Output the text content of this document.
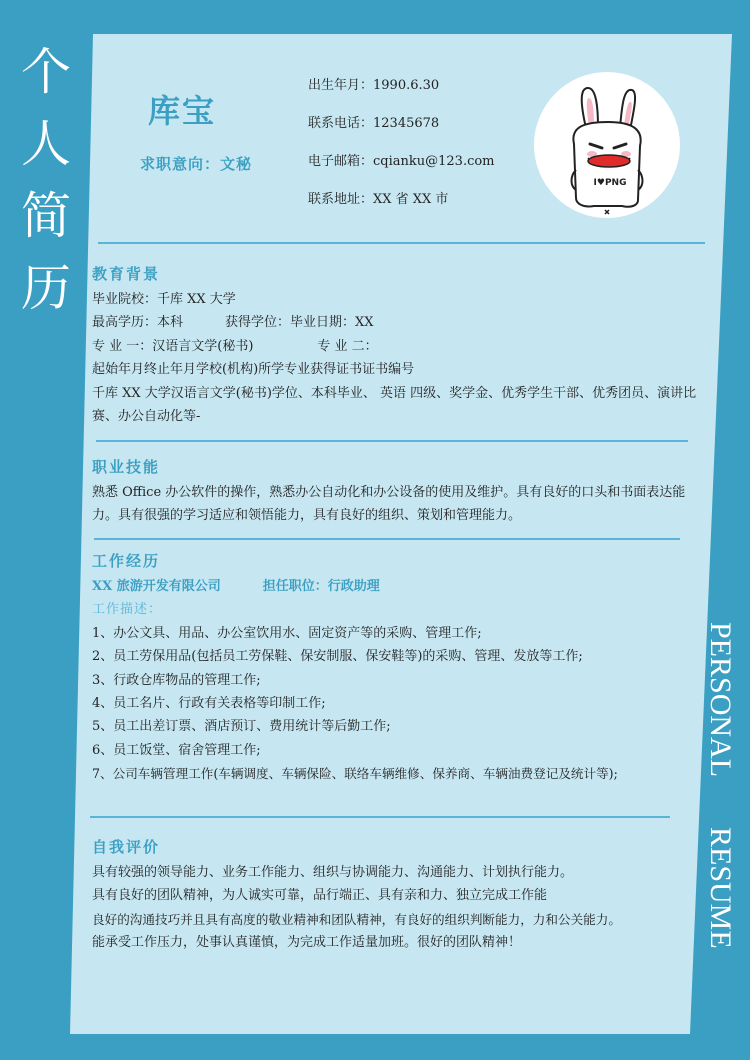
个
人
简
历
PERSONAL RESUME
库宝
求职意向：文秘
出生年月：1990.6.30
联系电话：12345678
电子邮箱：cqianku@123.com
联系地址：XX 省 XX 市
I♥PNG
教育背景
毕业院校：千库 XX 大学
最高学历：本科	获得学位：毕业日期：XX
专 业 一：汉语言文学(秘书)	专 业 二：
起始年月终止年月学校(机构)所学专业获得证书证书编号
千库 XX 大学汉语言文学(秘书)学位、本科毕业、 英语 四级、奖学金、优秀学生干部、优秀团员、演讲比赛、办公自动化等-
职业技能
熟悉 Office 办公软件的操作，熟悉办公自动化和办公设备的使用及维护。具有良好的口头和书面表达能力。具有很强的学习适应和领悟能力，具有良好的组织、策划和管理能力。
工作经历
XX 旅游开发有限公司	担任职位：行政助理
工作描述：
1、办公文具、用品、办公室饮用水、固定资产等的采购、管理工作;
2、员工劳保用品(包括员工劳保鞋、保安制服、保安鞋等)的采购、管理、发放等工作;
3、行政仓库物品的管理工作;
4、员工名片、行政有关表格等印制工作;
5、员工出差订票、酒店预订、费用统计等后勤工作;
6、员工饭堂、宿舍管理工作;
7、公司车辆管理工作(车辆调度、车辆保险、联络车辆维修、保养商、车辆油费登记及统计等);
自我评价
具有较强的领导能力、业务工作能力、组织与协调能力、沟通能力、计划执行能力。
具有良好的团队精神，为人诚实可靠，品行端正、具有亲和力、独立完成工作能
良好的沟通技巧并且具有高度的敬业精神和团队精神，有良好的组织判断能力，力和公关能力。
能承受工作压力，处事认真谨慎，为完成工作适量加班。很好的团队精神！
